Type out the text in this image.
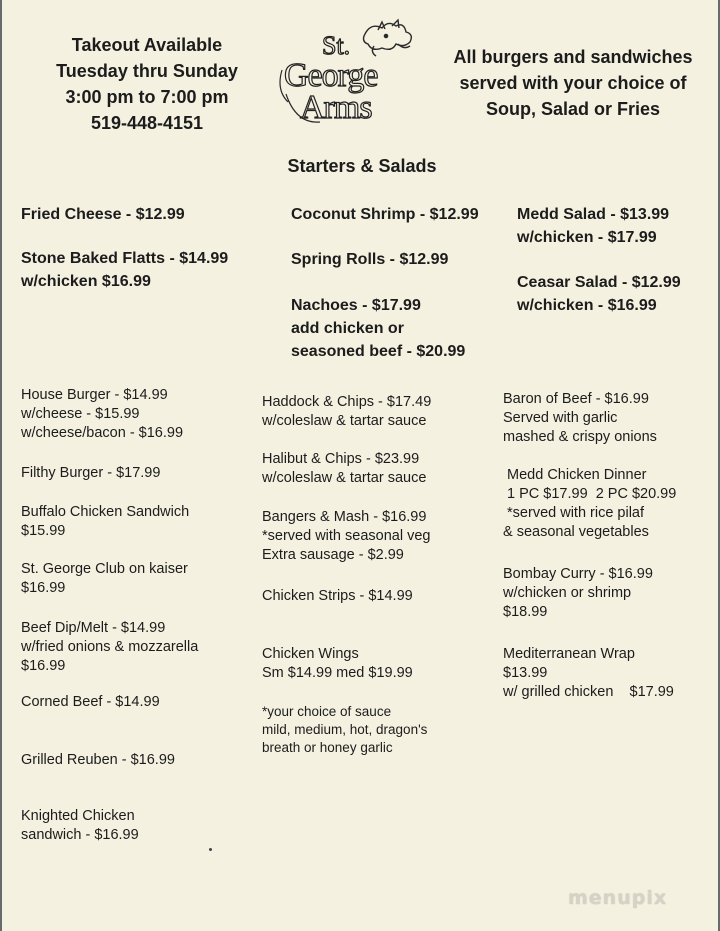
Takeout Available
Tuesday thru Sunday
3:00 pm to 7:00 pm
519-448-4151
St.
George
Arms
All burgers and sandwiches
served with your choice of
Soup, Salad or Fries
Starters & Salads
Fried Cheese - $12.99
Stone Baked Flatts - $14.99
w/chicken $16.99
Coconut Shrimp - $12.99
Spring Rolls - $12.99
Nachoes - $17.99
add chicken or
seasoned beef - $20.99
Medd Salad - $13.99
w/chicken - $17.99
Ceasar Salad - $12.99
w/chicken - $16.99
House Burger - $14.99
w/cheese - $15.99
w/cheese/bacon - $16.99
Filthy Burger - $17.99
Buffalo Chicken Sandwich
$15.99
St. George Club on kaiser
$16.99
Beef Dip/Melt - $14.99
w/fried onions & mozzarella
$16.99
Corned Beef - $14.99
Grilled Reuben - $16.99
Knighted Chicken
sandwich - $16.99
Haddock & Chips - $17.49
w/coleslaw & tartar sauce
Halibut & Chips - $23.99
w/coleslaw & tartar sauce
Bangers & Mash - $16.99
*served with seasonal veg
Extra sausage - $2.99
Chicken Strips - $14.99
Chicken Wings
Sm $14.99 med $19.99
*your choice of sauce
mild, medium, hot, dragon's
breath or honey garlic
Baron of Beef - $16.99
Served with garlic
mashed & crispy onions
Medd Chicken Dinner
1 PC $17.99  2 PC $20.99
*served with rice pilaf
& seasonal vegetables
Bombay Curry - $16.99
w/chicken or shrimp
$18.99
Mediterranean Wrap
$13.99
w/ grilled chicken    $17.99
menupix
